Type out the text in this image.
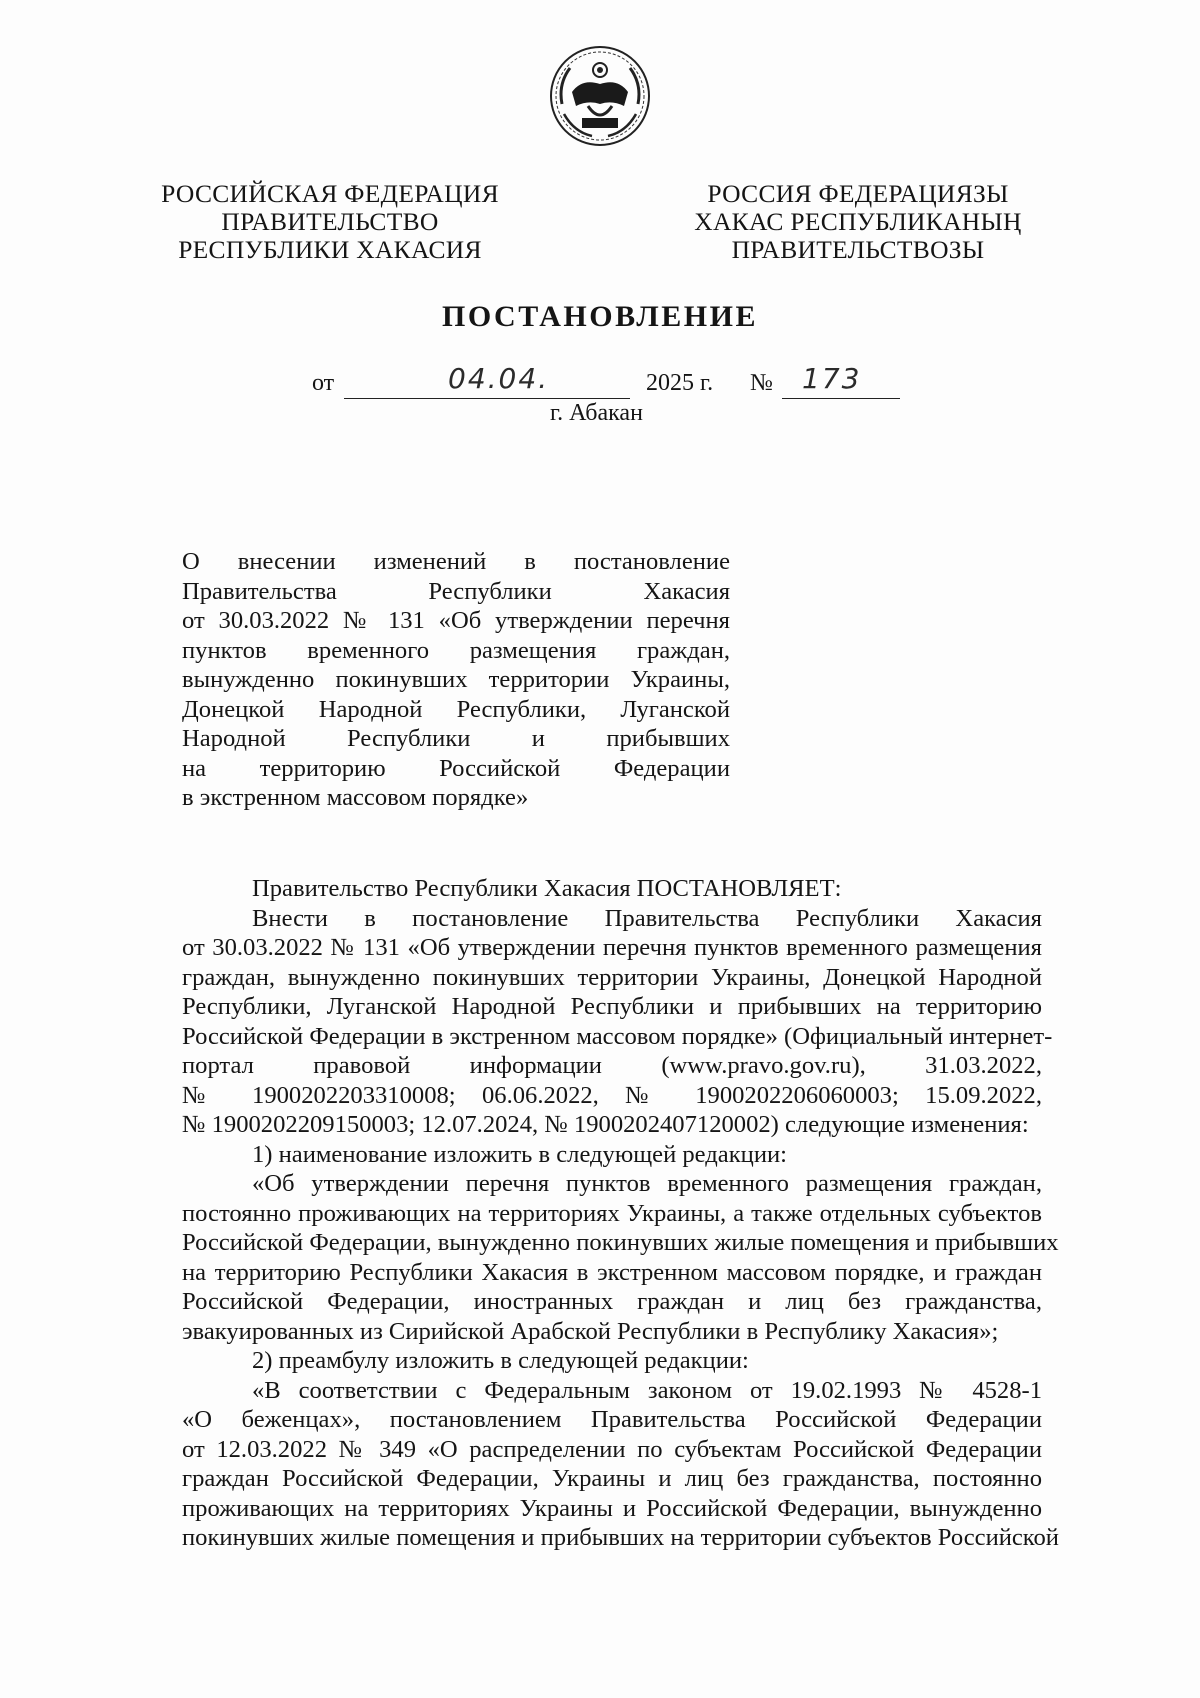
РОССИЙСКАЯ ФЕДЕРАЦИЯ
ПРАВИТЕЛЬСТВО
РЕСПУБЛИКИ ХАКАСИЯ
РОССИЯ ФЕДЕРАЦИЯЗЫ
ХАКАС РЕСПУБЛИКАНЫҢ
ПРАВИТЕЛЬСТВОЗЫ
ПОСТАНОВЛЕНИЕ
от	04.04.	2025 г. № 173
г. Абакан
О внесении изменений в постановление
Правительства Республики Хакасия
от 30.03.2022 № 131 «Об утверждении перечня
пунктов временного размещения граждан,
вынужденно покинувших территории Украины,
Донецкой Народной Республики, Луганской
Народной Республики и прибывших
на территорию Российской Федерации
в экстренном массовом порядке»
Правительство Республики Хакасия ПОСТАНОВЛЯЕТ:
Внести в постановление Правительства Республики Хакасия
от 30.03.2022 № 131 «Об утверждении перечня пунктов временного размещения
граждан, вынужденно покинувших территории Украины, Донецкой Народной
Республики, Луганской Народной Республики и прибывших на территорию
Российской Федерации в экстренном массовом порядке» (Официальный интернет-
портал правовой информации (www.pravo.gov.ru), 31.03.2022,
№ 1900202203310008; 06.06.2022, № 1900202206060003; 15.09.2022,
№ 1900202209150003; 12.07.2024, № 1900202407120002) следующие изменения:
1) наименование изложить в следующей редакции:
«Об утверждении перечня пунктов временного размещения граждан,
постоянно проживающих на территориях Украины, а также отдельных субъектов
Российской Федерации, вынужденно покинувших жилые помещения и прибывших
на территорию Республики Хакасия в экстренном массовом порядке, и граждан
Российской Федерации, иностранных граждан и лиц без гражданства,
эвакуированных из Сирийской Арабской Республики в Республику Хакасия»;
2) преамбулу изложить в следующей редакции:
«В соответствии с Федеральным законом от 19.02.1993 № 4528-1
«О беженцах», постановлением Правительства Российской Федерации
от 12.03.2022 № 349 «О распределении по субъектам Российской Федерации
граждан Российской Федерации, Украины и лиц без гражданства, постоянно
проживающих на территориях Украины и Российской Федерации, вынужденно
покинувших жилые помещения и прибывших на территории субъектов Российской
